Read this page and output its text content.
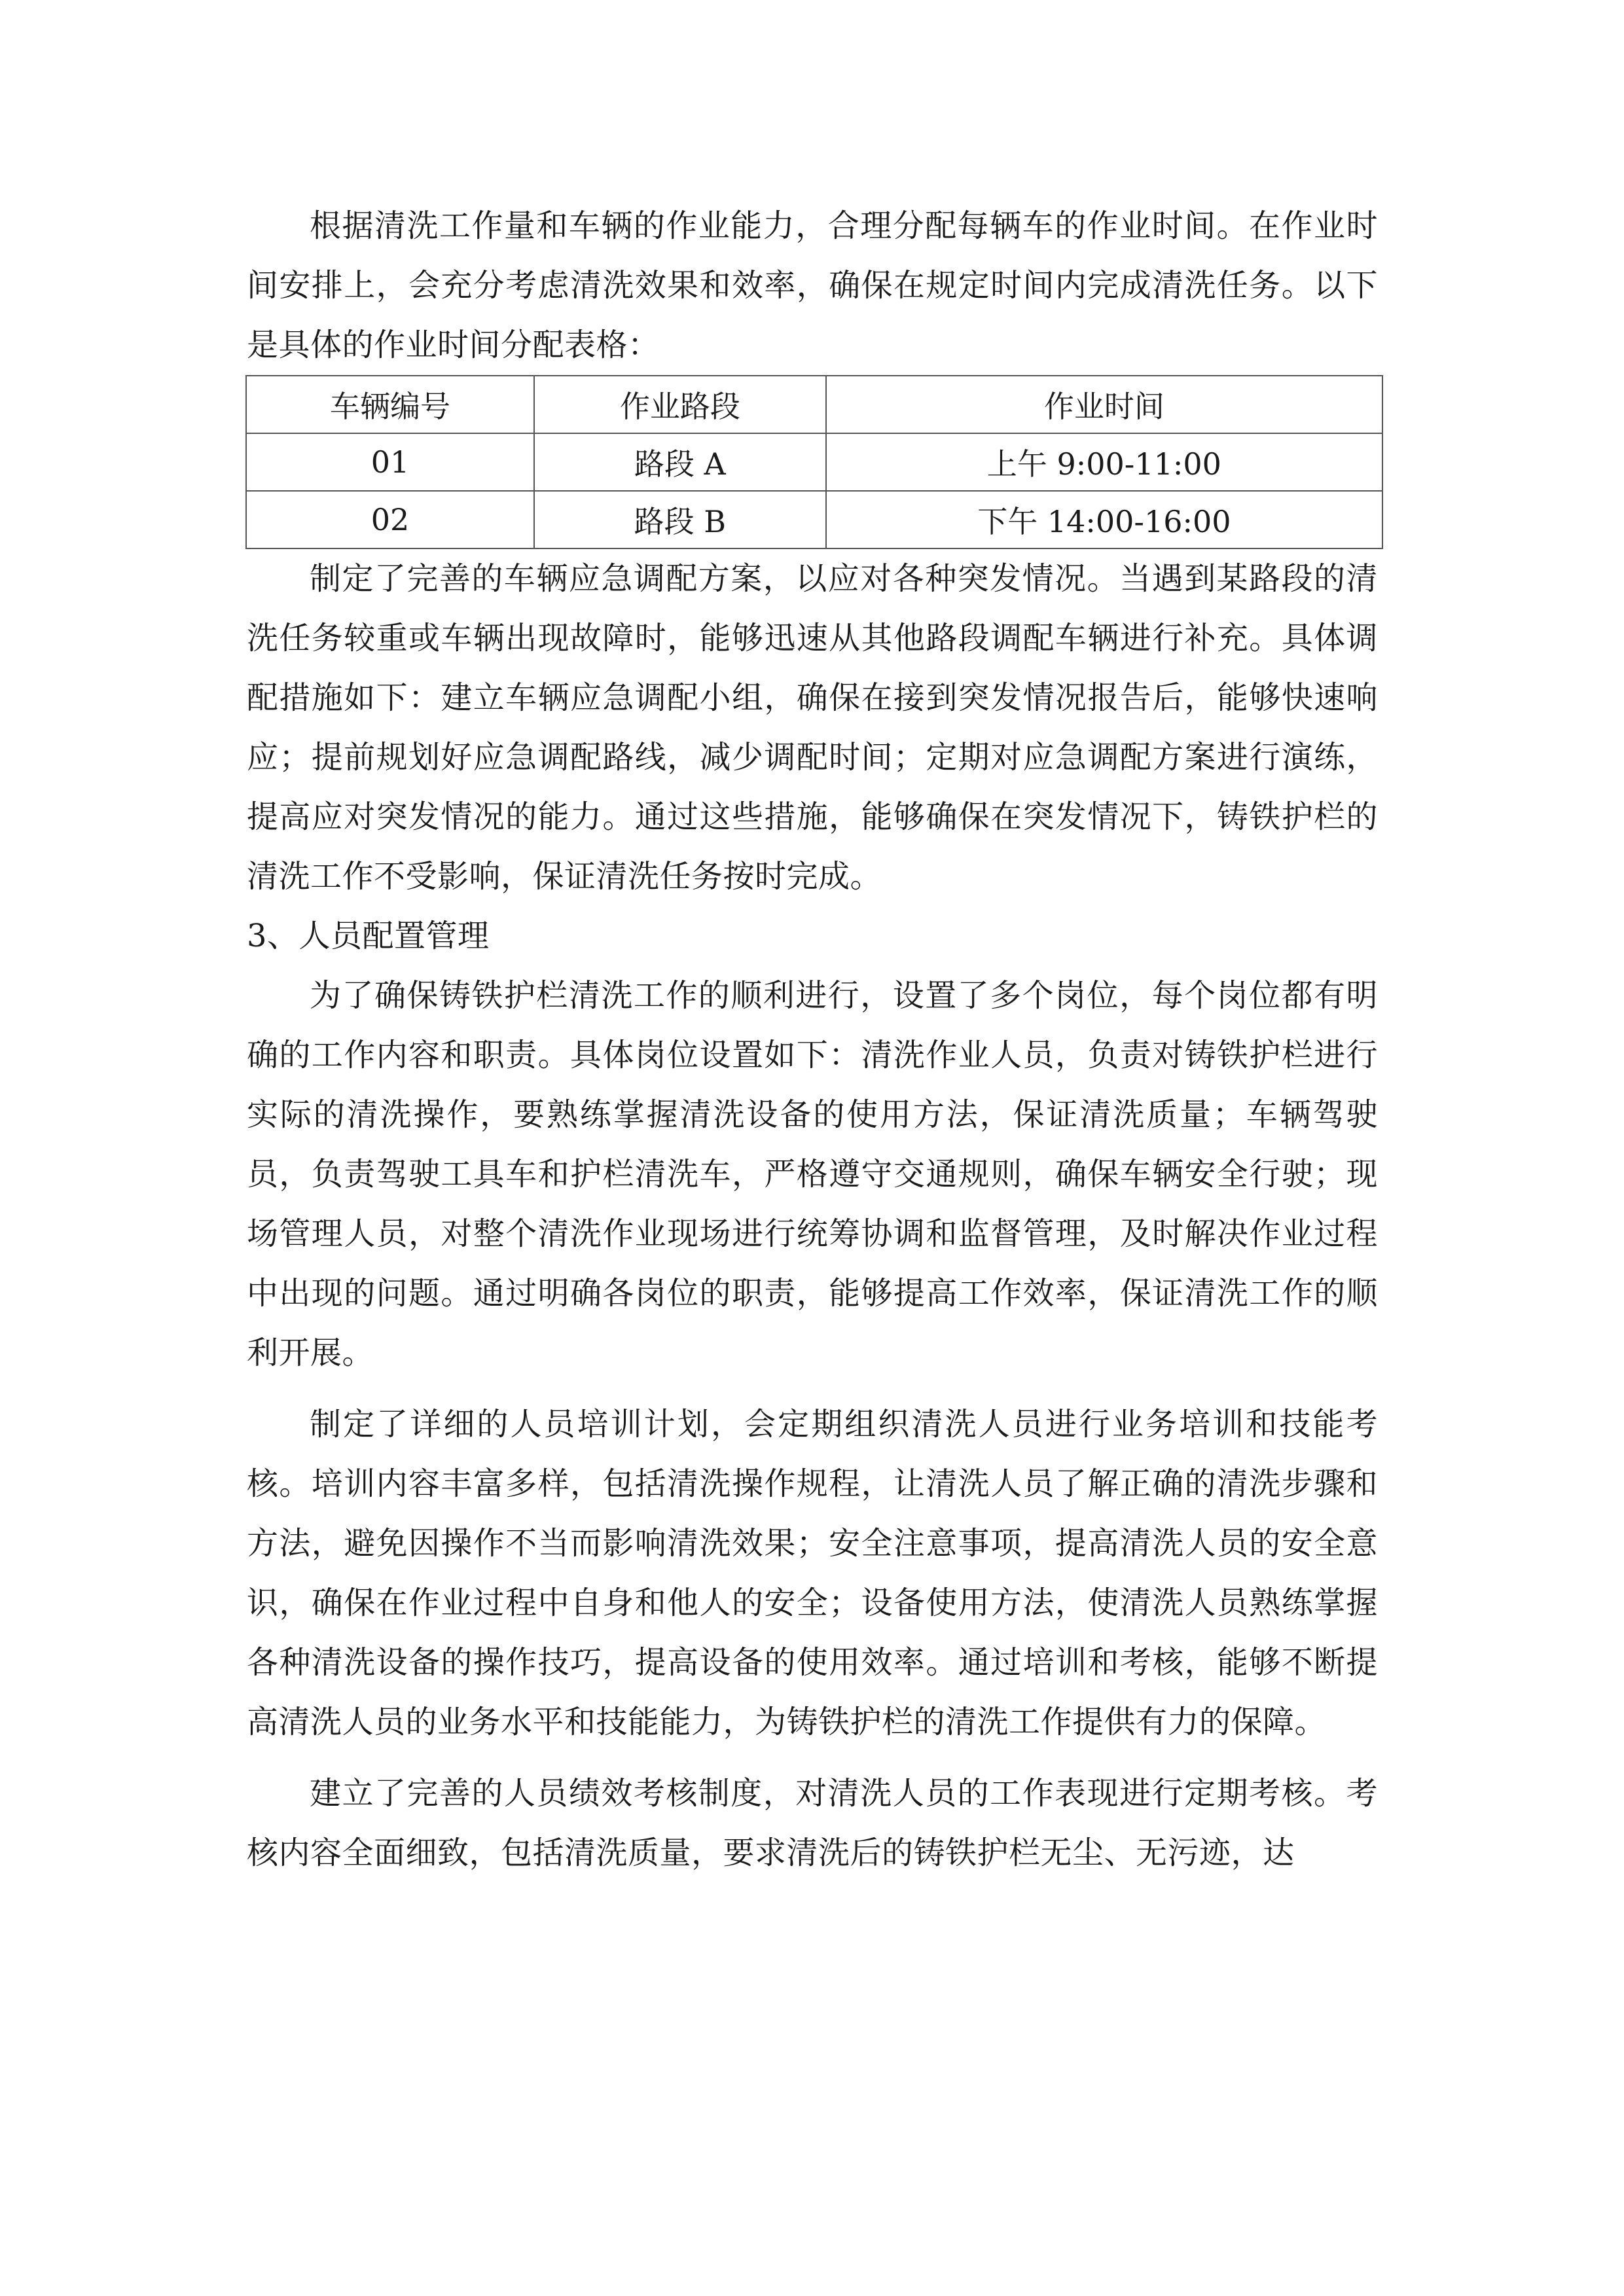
根据清洗工作量和车辆的作业能力，合理分配每辆车的作业时间。在作业时间安排上，会充分考虑清洗效果和效率，确保在规定时间内完成清洗任务。以下是具体的作业时间分配表格：

车辆编号	作业路段	作业时间
01	路段 A	上午 9:00-11:00
02	路段 B	下午 14:00-16:00

制定了完善的车辆应急调配方案，以应对各种突发情况。当遇到某路段的清洗任务较重或车辆出现故障时，能够迅速从其他路段调配车辆进行补充。具体调配措施如下：建立车辆应急调配小组，确保在接到突发情况报告后，能够快速响应；提前规划好应急调配路线，减少调配时间；定期对应急调配方案进行演练，提高应对突发情况的能力。通过这些措施，能够确保在突发情况下，铸铁护栏的清洗工作不受影响，保证清洗任务按时完成。

3、人员配置管理

为了确保铸铁护栏清洗工作的顺利进行，设置了多个岗位，每个岗位都有明确的工作内容和职责。具体岗位设置如下：清洗作业人员，负责对铸铁护栏进行实际的清洗操作，要熟练掌握清洗设备的使用方法，保证清洗质量；车辆驾驶员，负责驾驶工具车和护栏清洗车，严格遵守交通规则，确保车辆安全行驶；现场管理人员，对整个清洗作业现场进行统筹协调和监督管理，及时解决作业过程中出现的问题。通过明确各岗位的职责，能够提高工作效率，保证清洗工作的顺利开展。

制定了详细的人员培训计划，会定期组织清洗人员进行业务培训和技能考核。培训内容丰富多样，包括清洗操作规程，让清洗人员了解正确的清洗步骤和方法，避免因操作不当而影响清洗效果；安全注意事项，提高清洗人员的安全意识，确保在作业过程中自身和他人的安全；设备使用方法，使清洗人员熟练掌握各种清洗设备的操作技巧，提高设备的使用效率。通过培训和考核，能够不断提高清洗人员的业务水平和技能能力，为铸铁护栏的清洗工作提供有力的保障。

建立了完善的人员绩效考核制度，对清洗人员的工作表现进行定期考核。考核内容全面细致，包括清洗质量，要求清洗后的铸铁护栏无尘、无污迹，达
